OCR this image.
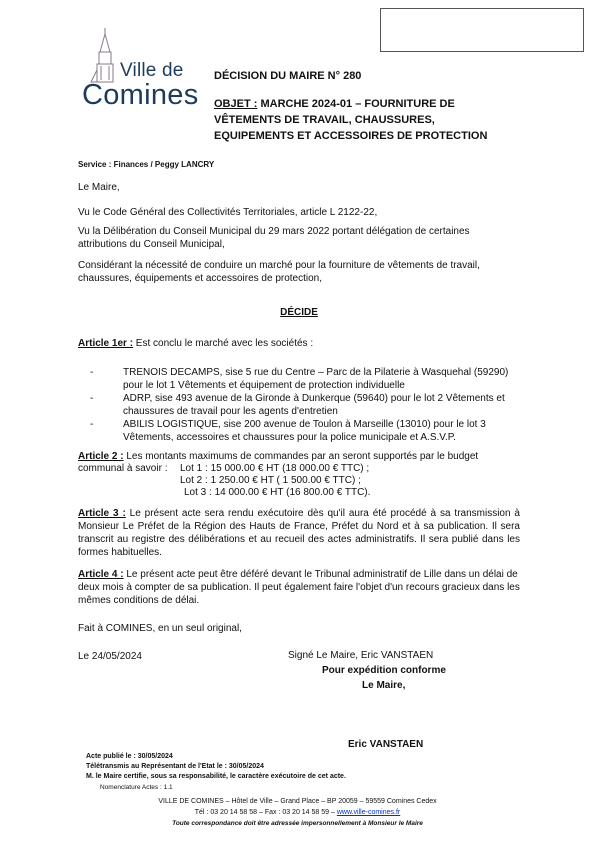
Ville de
Comines
DÉCISION DU MAIRE N° 280
OBJET : MARCHE 2024-01 – FOURNITURE DE
VÊTEMENTS DE TRAVAIL, CHAUSSURES,
EQUIPEMENTS ET ACCESSOIRES DE PROTECTION
Service : Finances / Peggy LANCRY
Le Maire,
Vu le Code Général des Collectivités Territoriales, article L 2122-22,
Vu la Délibération du Conseil Municipal du 29 mars 2022 portant délégation de certaines attributions du Conseil Municipal,
Considérant la nécessité de conduire un marché pour la fourniture de vêtements de travail, chaussures, équipements et accessoires de protection,
DÉCIDE
Article 1er : Est conclu le marché avec les sociétés :
-	TRENOIS DECAMPS, sise 5 rue du Centre – Parc de la Pilaterie à Wasquehal (59290) pour le lot 1 Vêtements et équipement de protection individuelle
-	ADRP, sise 493 avenue de la Gironde à Dunkerque (59640) pour le lot 2 Vêtements et chaussures de travail pour les agents d'entretien
-	ABILIS LOGISTIQUE, sise 200 avenue de Toulon à Marseille (13010) pour le lot 3 Vêtements, accessoires et chaussures pour la police municipale et A.S.V.P.
Article 2 : Les montants maximums de commandes par an seront supportés par le budget
communal à savoir : Lot 1 : 15 000.00 € HT (18 000.00 € TTC) ;
Lot 2 : 1 250.00 € HT ( 1 500.00 € TTC) ;
Lot 3 : 14 000.00 € HT (16 800.00 € TTC).
Article 3 : Le présent acte sera rendu exécutoire dès qu'il aura été procédé à sa transmission à Monsieur Le Préfet de la Région des Hauts de France, Préfet du Nord et à sa publication. Il sera transcrit au registre des délibérations et au recueil des actes administratifs. Il sera publié dans les formes habituelles.
Article 4 : Le présent acte peut être déféré devant le Tribunal administratif de Lille dans un délai de deux mois à compter de sa publication. Il peut également faire l'objet d'un recours gracieux dans les mêmes conditions de délai.
Fait à COMINES, en un seul original,
Le 24/05/2024	Signé Le Maire, Eric VANSTAEN
Pour expédition conforme
Le Maire,
Eric VANSTAEN
Acte publié le : 30/05/2024
Télétransmis au Représentant de l'Etat le : 30/05/2024
M. le Maire certifie, sous sa responsabilité, le caractère exécutoire de cet acte.
Nomenclature Actes : 1.1
VILLE DE COMINES – Hôtel de Ville – Grand Place – BP 20059 – 59559 Comines Cedex
Tél : 03 20 14 58 58 – Fax : 03 20 14 58 59 – www.ville-comines.fr
Toute correspondance doit être adressée impersonnellement à Monsieur le Maire
